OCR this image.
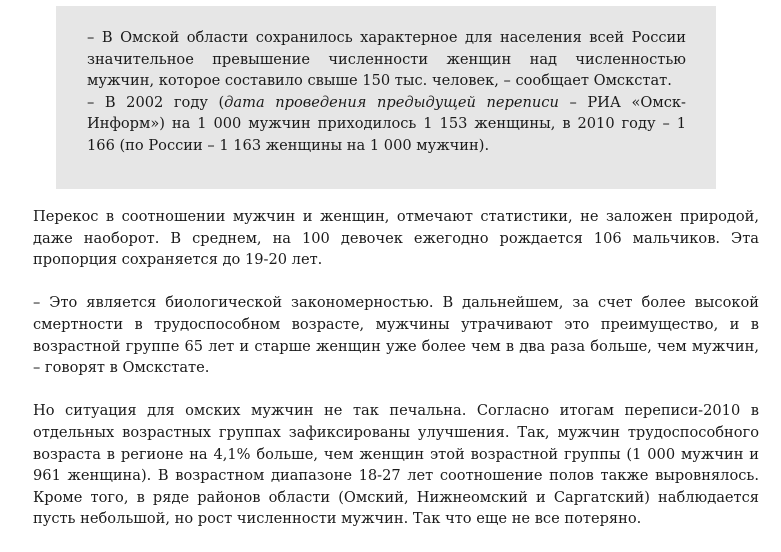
– В Омской области сохранилось характерное для населения всей России значительное превышение численности женщин над численностью мужчин, которое составило свыше 150 тыс. человек, – сообщает Омскстат.

– В 2002 году (дата проведения предыдущей переписи – РИА «Омск-Информ») на 1 000 мужчин приходилось 1 153 женщины, в 2010 году – 1 166 (по России – 1 163 женщины на 1 000 мужчин).

Перекос в соотношении мужчин и женщин, отмечают статистики, не заложен природой, даже наоборот. В среднем, на 100 девочек ежегодно рождается 106 мальчиков. Эта пропорция сохраняется до 19-20 лет.

– Это является биологической закономерностью. В дальнейшем, за счет более высокой смертности в трудоспособном возрасте, мужчины утрачивают это преимущество, и в возрастной группе 65 лет и старше женщин уже более чем в два раза больше, чем мужчин, – говорят в Омскстате.

Но ситуация для омских мужчин не так печальна. Согласно итогам переписи-2010 в отдельных возрастных группах зафиксированы улучшения. Так, мужчин трудоспособного возраста в регионе на 4,1% больше, чем женщин этой возрастной группы (1 000 мужчин и 961 женщина). В возрастном диапазоне 18-27 лет соотношение полов также выровнялось. Кроме того, в ряде районов области (Омский, Нижнеомский и Саргатский) наблюдается пусть небольшой, но рост численности мужчин. Так что еще не все потеряно.
